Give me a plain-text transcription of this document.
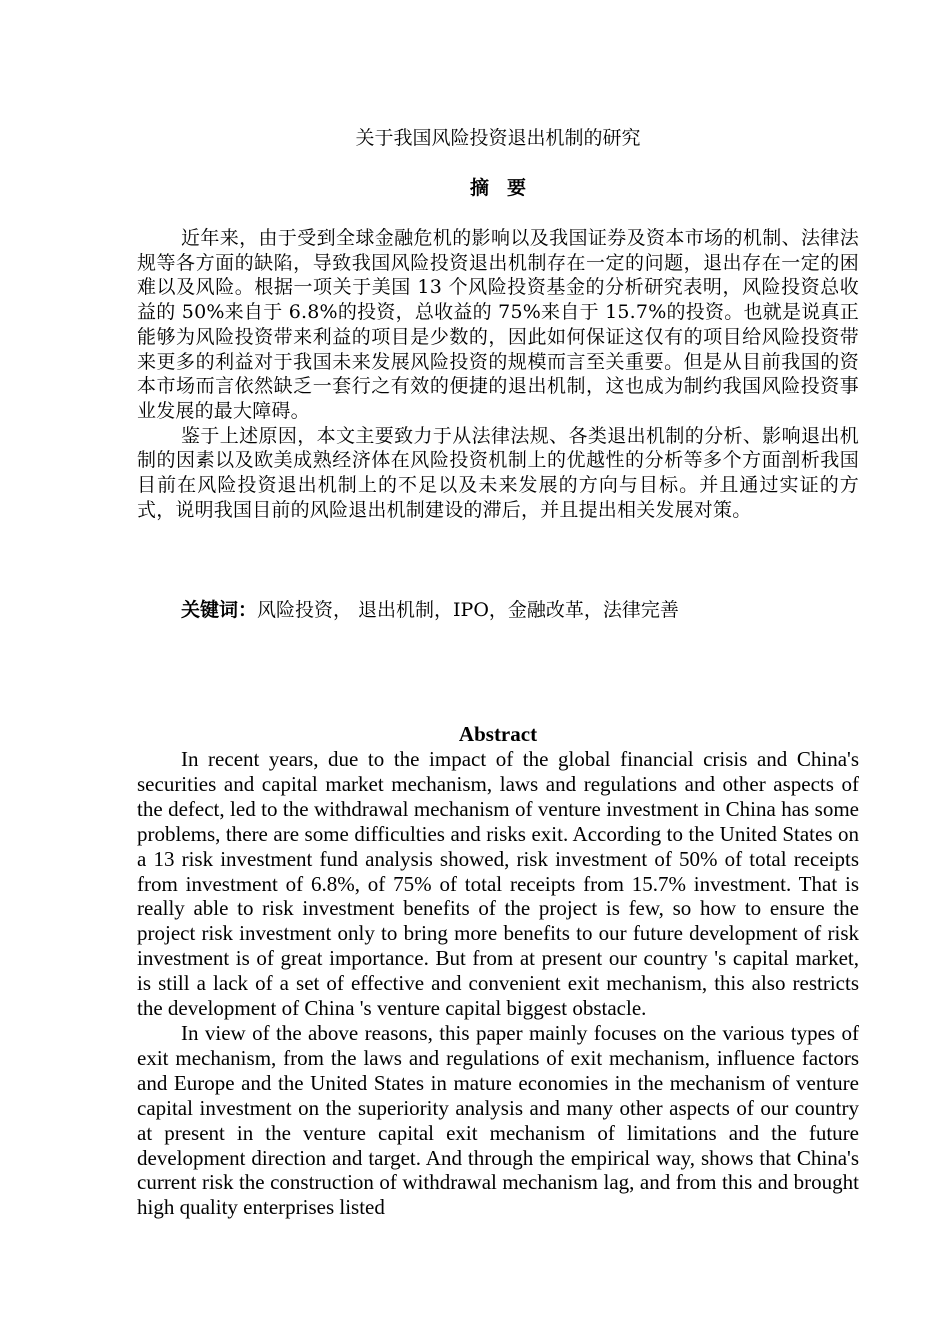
关于我国风险投资退出机制的研究
摘要

近年来，由于受到全球金融危机的影响以及我国证券及资本市场的机制、法律法规等各方面的缺陷，导致我国风险投资退出机制存在一定的问题，退出存在一定的困难以及风险。根据一项关于美国 13 个风险投资基金的分析研究表明，风险投资总收益的 50%来自于 6.8%的投资，总收益的 75%来自于 15.7%的投资。也就是说真正能够为风险投资带来利益的项目是少数的，因此如何保证这仅有的项目给风险投资带来更多的利益对于我国未来发展风险投资的规模而言至关重要。但是从目前我国的资本市场而言依然缺乏一套行之有效的便捷的退出机制，这也成为制约我国风险投资事业发展的最大障碍。

鉴于上述原因，本文主要致力于从法律法规、各类退出机制的分析、影响退出机制的因素以及欧美成熟经济体在风险投资机制上的优越性的分析等多个方面剖析我国目前在风险投资退出机制上的不足以及未来发展的方向与目标。并且通过实证的方式，说明我国目前的风险退出机制建设的滞后，并且提出相关发展对策。

关键词：风险投资， 退出机制，IPO，金融改革，法律完善

Abstract

In recent years, due to the impact of the global financial crisis and China's securities and capital market mechanism, laws and regulations and other aspects of the defect, led to the withdrawal mechanism of venture investment in China has some problems, there are some difficulties and risks exit. According to the United States on a 13 risk investment fund analysis showed, risk investment of 50% of total receipts from investment of 6.8%, of 75% of total receipts from 15.7% investment. That is really able to risk investment benefits of the project is few, so how to ensure the project risk investment only to bring more benefits to our future development of risk investment is of great importance. But from at present our country 's capital market, is still a lack of a set of effective and convenient exit mechanism, this also restricts the development of China 's venture capital biggest obstacle.

In view of the above reasons, this paper mainly focuses on the various types of exit mechanism, from the laws and regulations of exit mechanism, influence factors and Europe and the United States in mature economies in the mechanism of venture capital investment on the superiority analysis and many other aspects of our country at present in the venture capital exit mechanism of limitations and the future development direction and target. And through the empirical way, shows that China's current risk the construction of withdrawal mechanism lag, and from this and brought high quality enterprises listed
